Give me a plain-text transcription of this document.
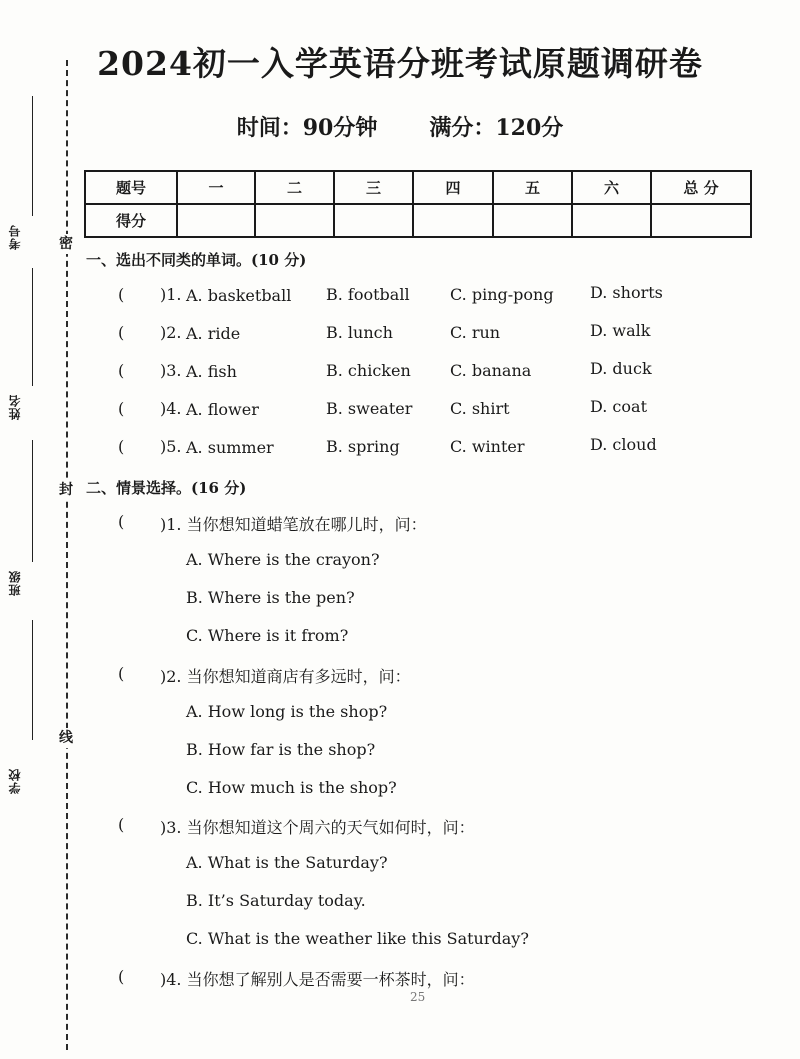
密
封
线
考号
姓名
班级
学校
2024初一入学英语分班考试原题调研卷
时间：90分钟 满分：120分
题号	一	二	三	四	五	六	总 分
得分							
一、选出不同类的单词。(10 分)
( )1. A. basketball B. football	C. ping-pong D. shorts
( )2. A. ride	B. lunch	C. run	D. walk
( )3. A. fish	B. chicken C. banana	D. duck
( )4. A. flower	B. sweater C. shirt	D. coat
( )5. A. summer	B. spring	C. winter	D. cloud
二、情景选择。(16 分)
( )1. 当你想知道蜡笔放在哪儿时，问：
A. Where is the crayon?
B. Where is the pen?
C. Where is it from?
( )2. 当你想知道商店有多远时，问：
A. How long is the shop?
B. How far is the shop?
C. How much is the shop?
( )3. 当你想知道这个周六的天气如何时，问：
A. What is the Saturday?
B. It’s Saturday today.
C. What is the weather like this Saturday?
( )4. 当你想了解别人是否需要一杯茶时，问：
25
